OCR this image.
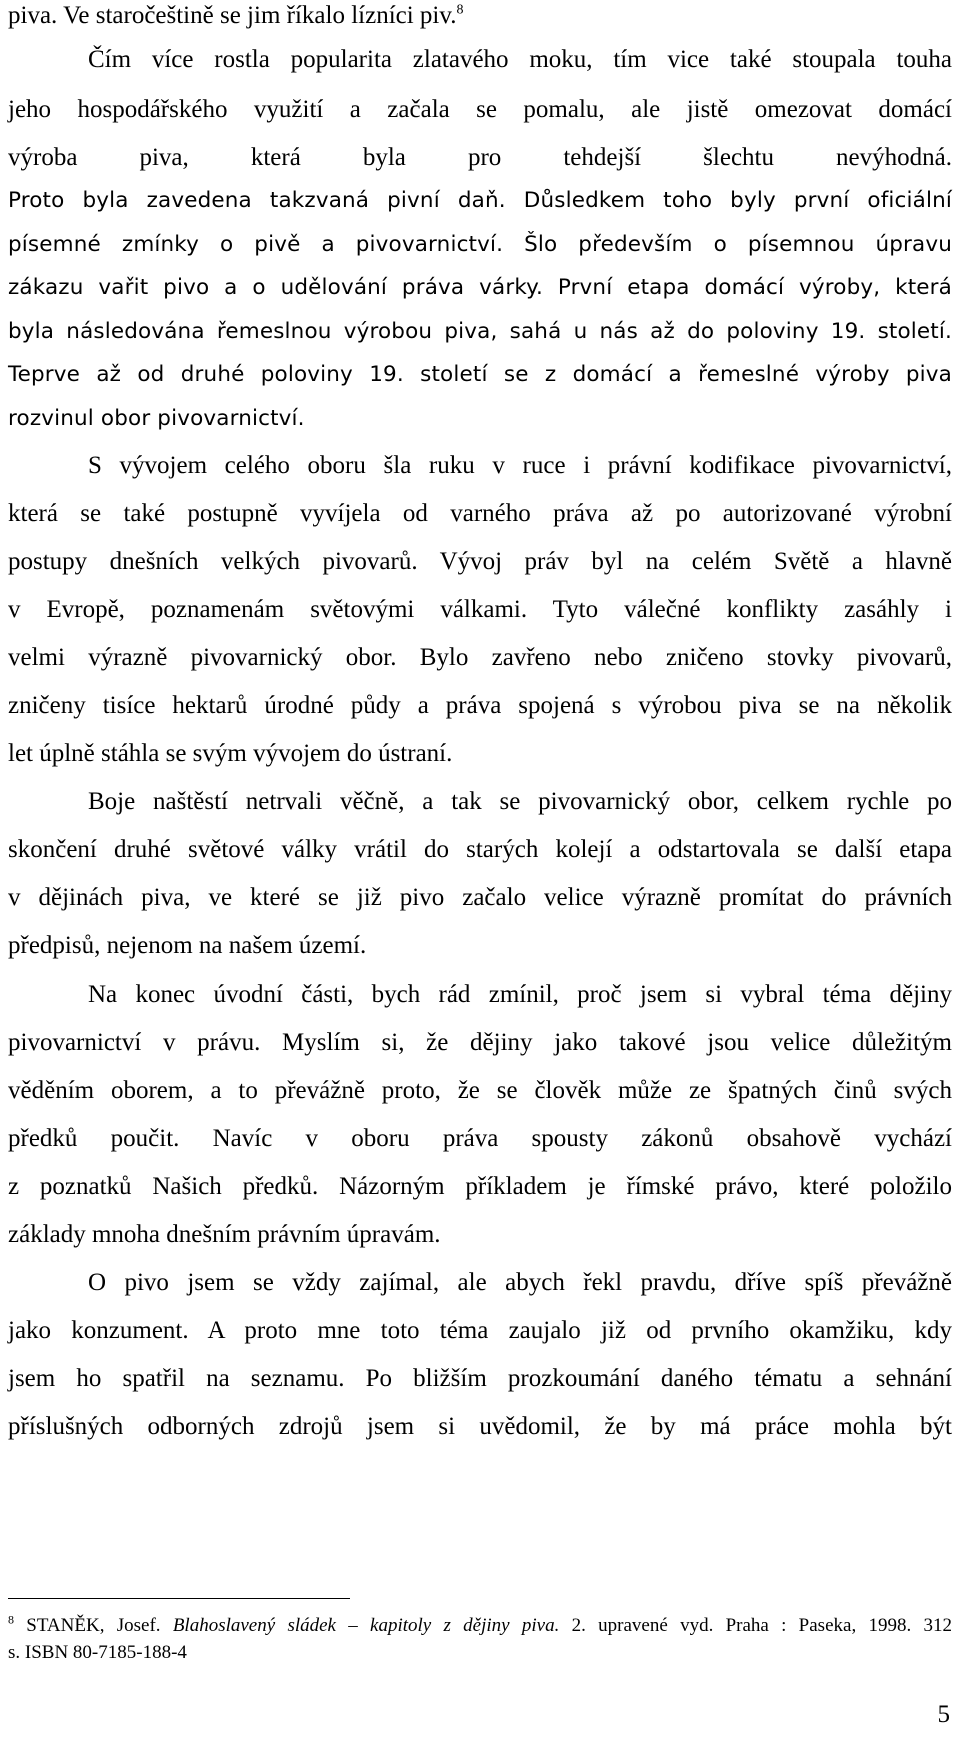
piva. Ve staročeštině se jim říkalo lízníci piv.$^8$
Čím více rostla popularita zlatavého moku, tím vice také stoupala touha
jeho hospodářského využití a začala se pomalu, ale jistě omezovat domácí
výroba piva, která byla pro tehdejší šlechtu nevýhodná.
Proto byla zavedena takzvaná pivní daň. Důsledkem toho byly první oficiální
písemné zmínky o pivě a pivovarnictví. Šlo především o písemnou úpravu
zákazu vařit pivo a o udělování práva várky. První etapa domácí výroby, která
byla následována řemeslnou výrobou piva, sahá u nás až do poloviny 19. století.
Teprve až od druhé poloviny 19. století se z domácí a řemeslné výroby piva
rozvinul obor pivovarnictví.
S vývojem celého oboru šla ruku v ruce i právní kodifikace pivovarnictví,
která se také postupně vyvíjela od varného práva až po autorizované výrobní
postupy dnešních velkých pivovarů. Vývoj práv byl na celém Světě a hlavně
v Evropě, poznamenám světovými válkami. Tyto válečné konflikty zasáhly i
velmi výrazně pivovarnický obor. Bylo zavřeno nebo zničeno stovky pivovarů,
zničeny tisíce hektarů úrodné půdy a práva spojená s výrobou piva se na několik
let úplně stáhla se svým vývojem do ústraní.
Boje naštěstí netrvali věčně, a tak se pivovarnický obor, celkem rychle po
skončení druhé světové války vrátil do starých kolejí a odstartovala se další etapa
v dějinách piva, ve které se již pivo začalo velice výrazně promítat do právních
předpisů, nejenom na našem území.
Na konec úvodní části, bych rád zmínil, proč jsem si vybral téma dějiny
pivovarnictví v právu. Myslím si, že dějiny jako takové jsou velice důležitým
věděním oborem, a to převážně proto, že se člověk může ze špatných činů svých
předků poučit. Navíc v oboru práva spousty zákonů obsahově vychází
z poznatků Našich předků. Názorným příkladem je římské právo, které položilo
základy mnoha dnešním právním úpravám.
O pivo jsem se vždy zajímal, ale abych řekl pravdu, dříve spíš převážně
jako konzument. A proto mne toto téma zaujalo již od prvního okamžiku, kdy
jsem ho spatřil na seznamu. Po bližším prozkoumání daného tématu a sehnání
příslušných odborných zdrojů jsem si uvědomil, že by má práce mohla být
$^8$ STANĚK, Josef. Blahoslavený sládek – kapitoly z dějiny piva. 2. upravené vyd. Praha : Paseka, 1998. 312
s. ISBN 80-7185-188-4
5
